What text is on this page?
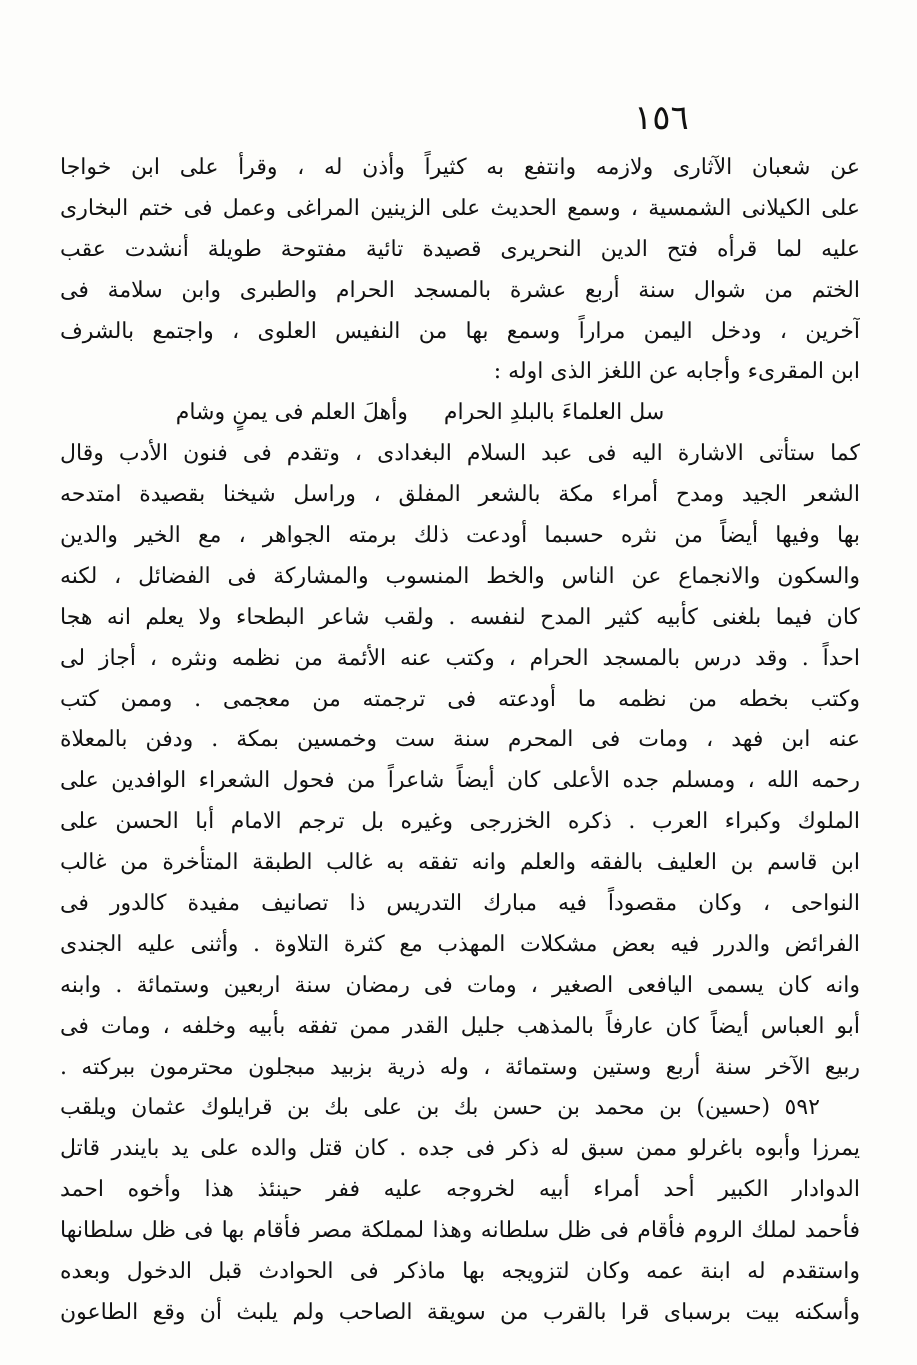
١٥٦
عن شعبان الآثارى ولازمه وانتفع به كثيراً وأذن له ، وقرأ على ابن خواجا
على الكيلانى الشمسية ، وسمع الحديث على الزينين المراغى وعمل فى ختم البخارى
عليه لما قرأه فتح الدين النحريرى قصيدة تائية مفتوحة طويلة أنشدت عقب
الختم من شوال سنة أربع عشرة بالمسجد الحرام والطبرى وابن سلامة فى
آخرين ، ودخل اليمن مراراً وسمع بها من النفيس العلوى ، واجتمع بالشرف
ابن المقرىء وأجابه عن اللغز الذى اوله :
سل العلماءَ بالبلدِ الحرام
وأهلَ العلم فى يمنٍ وشام
كما ستأتى الاشارة اليه فى عبد السلام البغدادى ، وتقدم فى فنون الأدب وقال
الشعر الجيد ومدح أمراء مكة بالشعر المفلق ، وراسل شيخنا بقصيدة امتدحه
بها وفيها أيضاً من نثره حسبما أودعت ذلك برمته الجواهر ، مع الخير والدين
والسكون والانجماع عن الناس والخط المنسوب والمشاركة فى الفضائل ، لكنه
كان فيما بلغنى كأبيه كثير المدح لنفسه . ولقب شاعر البطحاء ولا يعلم انه هجا
احداً . وقد درس بالمسجد الحرام ، وكتب عنه الأئمة من نظمه ونثره ، أجاز لى
وكتب بخطه من نظمه ما أودعته فى ترجمته من معجمى . وممن كتب
عنه ابن فهد ، ومات فى المحرم سنة ست وخمسين بمكة . ودفن بالمعلاة
رحمه الله ، ومسلم جده الأعلى كان أيضاً شاعراً من فحول الشعراء الوافدين على
الملوك وكبراء العرب . ذكره الخزرجى وغيره بل ترجم الامام أبا الحسن على
ابن قاسم بن العليف بالفقه والعلم وانه تفقه به غالب الطبقة المتأخرة من غالب
النواحى ، وكان مقصوداً فيه مبارك التدريس ذا تصانيف مفيدة كالدور فى
الفرائض والدرر فيه بعض مشكلات المهذب مع كثرة التلاوة . وأثنى عليه الجندى
وانه كان يسمى اليافعى الصغير ، ومات فى رمضان سنة اربعين وستمائة . وابنه
أبو العباس أيضاً كان عارفاً بالمذهب جليل القدر ممن تفقه بأبيه وخلفه ، ومات فى
ربيع الآخر سنة أربع وستين وستمائة ، وله ذرية بزبيد مبجلون محترمون ببركته .
٥٩٢ (حسين) بن محمد بن حسن بك بن على بك بن قرايلوك عثمان ويلقب
يمرزا وأبوه باغرلو ممن سبق له ذكر فى جده . كان قتل والده على يد بايندر قاتل
الدوادار الكبير أحد أمراء أبيه لخروجه عليه ففر حينئذ هذا وأخوه احمد
فأحمد لملك الروم فأقام فى ظل سلطانه وهذا لمملكة مصر فأقام بها فى ظل سلطانها
واستقدم له ابنة عمه وكان لتزويجه بها ماذكر فى الحوادث قبل الدخول وبعده
وأسكنه بيت برسباى قرا بالقرب من سويقة الصاحب ولم يلبث أن وقع الطاعون
